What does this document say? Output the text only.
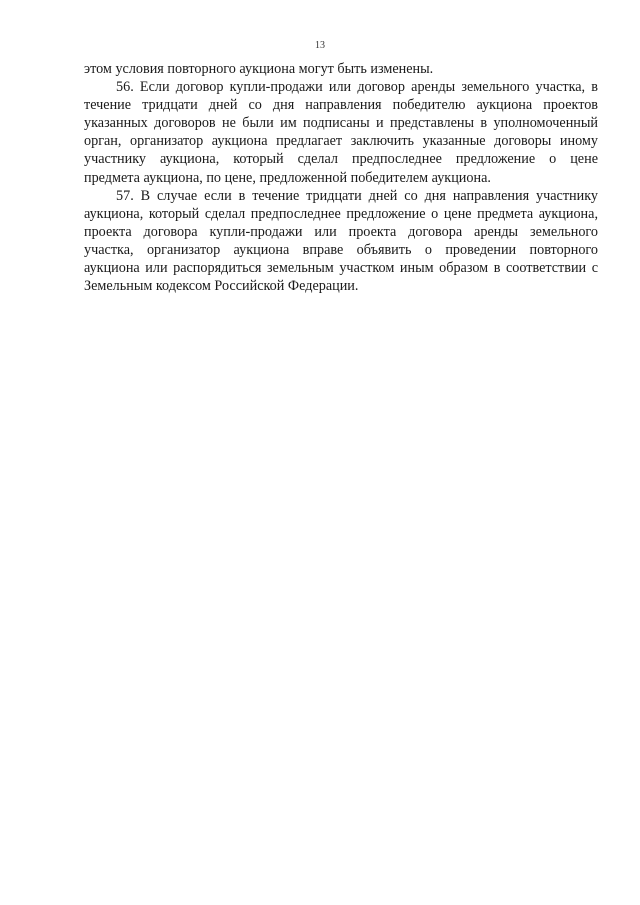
13
этом условия повторного аукциона могут быть изменены.
56. Если договор купли-продажи или договор аренды земельного участка, в
течение тридцати дней со дня направления победителю аукциона проектов
указанных договоров не были им подписаны и представлены в уполномоченный
орган, организатор аукциона предлагает заключить указанные договоры иному
участнику аукциона, который сделал предпоследнее предложение о цене
предмета аукциона, по цене, предложенной победителем аукциона.
57. В случае если в течение тридцати дней со дня направления участнику
аукциона, который сделал предпоследнее предложение о цене предмета аукциона,
проекта договора купли-продажи или проекта договора аренды земельного
участка, организатор аукциона вправе объявить о проведении повторного
аукциона или распорядиться земельным участком иным образом в соответствии с
Земельным кодексом Российской Федерации.
